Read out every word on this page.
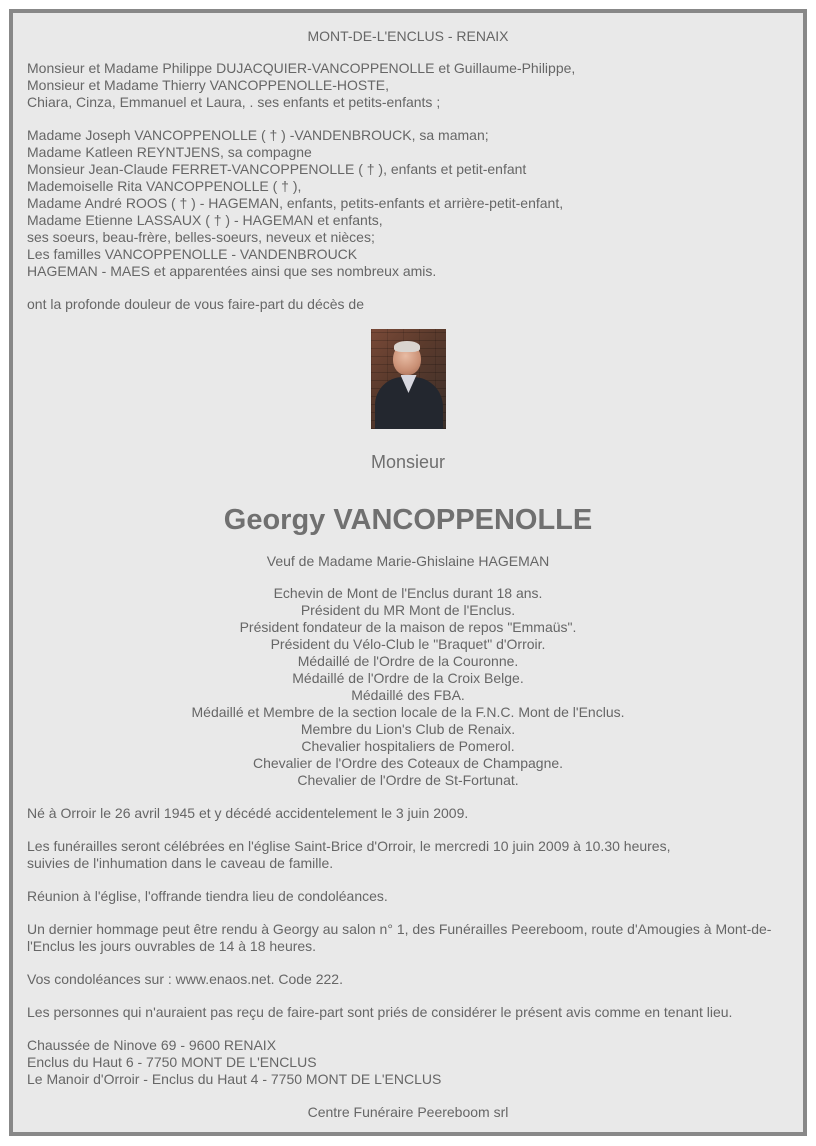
MONT-DE-L'ENCLUS - RENAIX
Monsieur et Madame Philippe DUJACQUIER-VANCOPPENOLLE et Guillaume-Philippe,
Monsieur et Madame Thierry VANCOPPENOLLE-HOSTE,
Chiara, Cinza, Emmanuel et Laura, . ses enfants et petits-enfants ;
Madame Joseph VANCOPPENOLLE ( † ) -VANDENBROUCK, sa maman;
Madame Katleen REYNTJENS, sa compagne
Monsieur Jean-Claude FERRET-VANCOPPENOLLE ( † ), enfants et petit-enfant
Mademoiselle Rita VANCOPPENOLLE ( † ),
Madame André ROOS ( † ) - HAGEMAN, enfants, petits-enfants et arrière-petit-enfant,
Madame Etienne LASSAUX ( † ) - HAGEMAN et enfants,
ses soeurs, beau-frère, belles-soeurs, neveux et nièces;
Les familles VANCOPPENOLLE - VANDENBROUCK
HAGEMAN - MAES et apparentées ainsi que ses nombreux amis.
ont la profonde douleur de vous faire-part du décès de
Monsieur
Georgy VANCOPPENOLLE
Veuf de Madame Marie-Ghislaine HAGEMAN
Echevin de Mont de l'Enclus durant 18 ans.
Président du MR Mont de l'Enclus.
Président fondateur de la maison de repos "Emmaüs".
Président du Vélo-Club le "Braquet" d'Orroir.
Médaillé de l'Ordre de la Couronne.
Médaillé de l'Ordre de la Croix Belge.
Médaillé des FBA.
Médaillé et Membre de la section locale de la F.N.C. Mont de l'Enclus.
Membre du Lion's Club de Renaix.
Chevalier hospitaliers de Pomerol.
Chevalier de l'Ordre des Coteaux de Champagne.
Chevalier de l'Ordre de St-Fortunat.
Né à Orroir le 26 avril 1945 et y décédé accidentelement le 3 juin 2009.
Les funérailles seront célébrées en l'église Saint-Brice d'Orroir, le mercredi 10 juin 2009 à 10.30 heures,
suivies de l'inhumation dans le caveau de famille.
Réunion à l'église, l'offrande tiendra lieu de condoléances.
Un dernier hommage peut être rendu à Georgy au salon n° 1, des Funérailles Peereboom, route d'Amougies à Mont-de-l'Enclus les jours ouvrables de 14 à 18 heures.
Vos condoléances sur : www.enaos.net. Code 222.
Les personnes qui n'auraient pas reçu de faire-part sont priés de considérer le présent avis comme en tenant lieu.
Chaussée de Ninove 69 - 9600 RENAIX
Enclus du Haut 6 - 7750 MONT DE L'ENCLUS
Le Manoir d'Orroir - Enclus du Haut 4 - 7750 MONT DE L'ENCLUS
Centre Funéraire Peereboom srl
